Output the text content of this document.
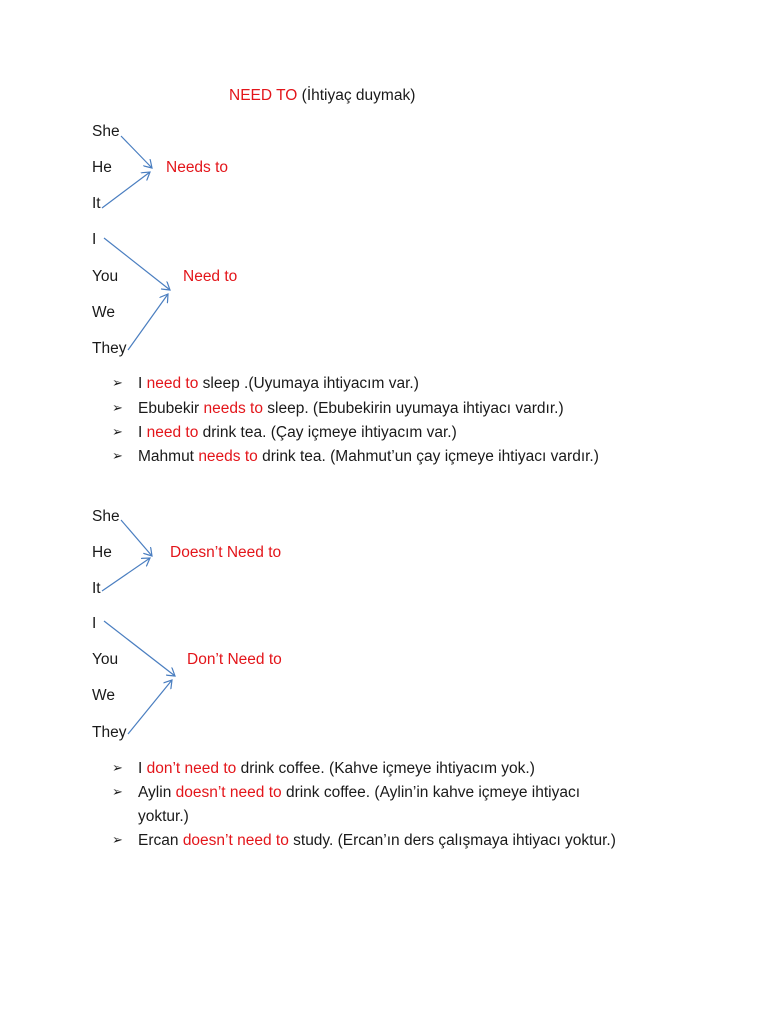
NEED TO (İhtiyaç duymak)
She
He
It
Needs to
I
You
We
They
Need to
➢ I need to sleep .(Uyumaya ihtiyacım var.)
➢ Ebubekir needs to sleep. (Ebubekirin uyumaya ihtiyacı vardır.)
➢ I need to drink tea. (Çay içmeye ihtiyacım var.)
➢ Mahmut needs to drink tea. (Mahmut’un çay içmeye ihtiyacı vardır.)
She
He
It
Doesn’t Need to
I
You
We
They
Don’t Need to
➢ I don’t need to drink coffee. (Kahve içmeye ihtiyacım yok.)
➢ Aylin doesn’t need to drink coffee. (Aylin’in kahve içmeye ihtiyacı
yoktur.)
➢ Ercan doesn’t need to study. (Ercan’ın ders çalışmaya ihtiyacı yoktur.)
